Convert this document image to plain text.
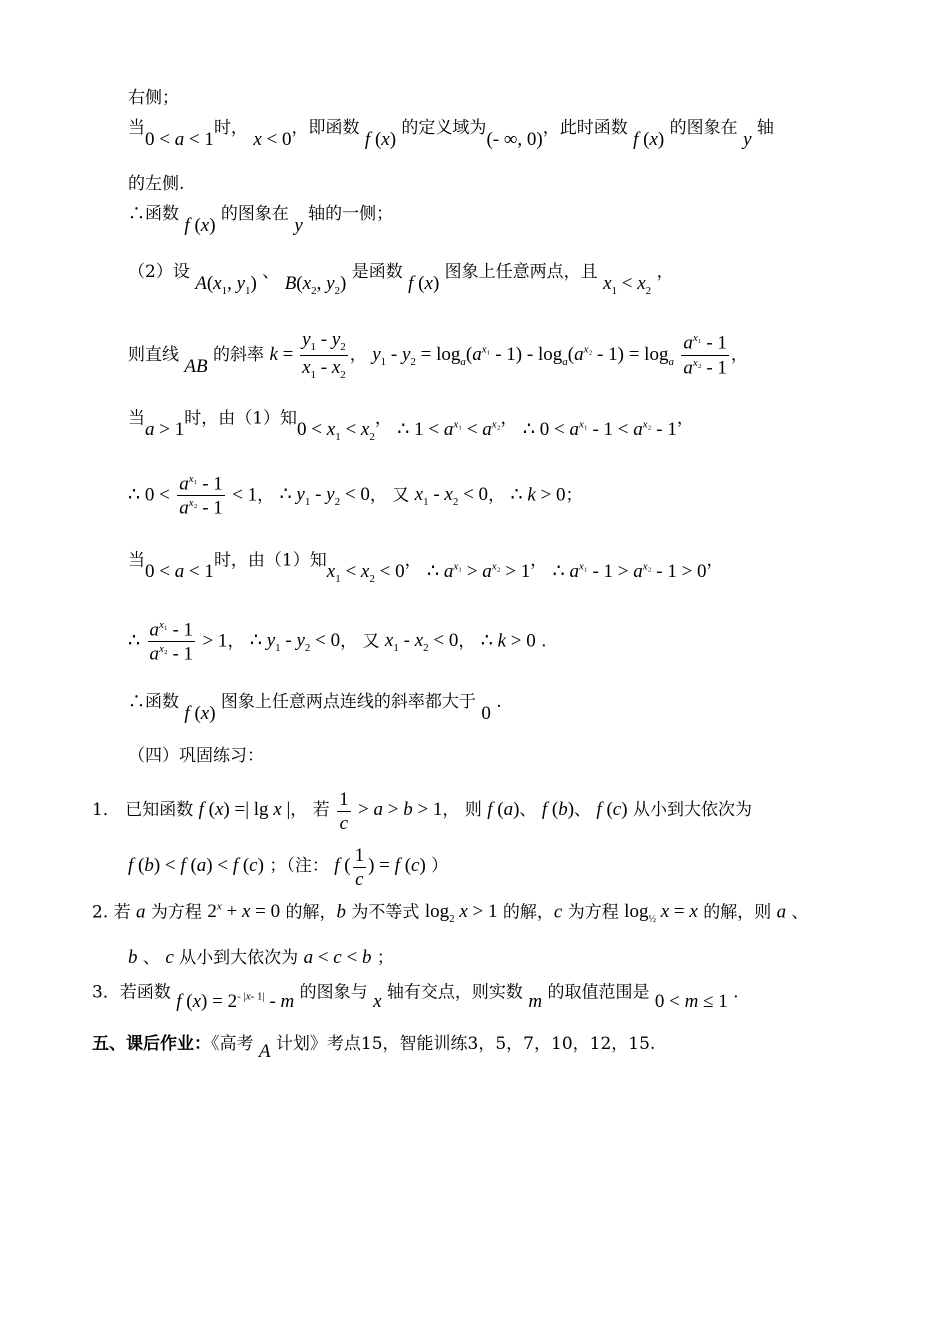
右侧；
当0 < a < 1时， x < 0，即函数 f (x) 的定义域为(- ∞, 0)，此时函数 f (x) 的图象在 y 轴
的左侧.
∴函数 f (x) 的图象在 y 轴的一侧；
（2）设 $A(x_1$, $y_1$) 、 $B(x_2$, $y_2$) 是函数 f (x) 图象上任意两点，且 $x_1 < x_2$ ，
则直线 AB 的斜率 $k = \frac{y_1 - y_2}{x_1 - x_2}$ ， $y_1 - y_2 = \log_a(a^{x_1} - 1) - \log_a(a^{x_2} - 1) = \log_a \frac{a^{x_1} - 1}{a^{x_2} - 1}$ ，
当a > 1时，由（1）知$0 < x_1 < x_2$， ∴ $1 < a^{x_1} < a^{x_2}$， ∴ $0 < a^{x_1} - 1 < a^{x_2} - 1$，
∴ $0 < \frac{a^{x_1} - 1}{a^{x_2} - 1} < 1$， ∴ $y_1 - y_2 < 0$， 又 $x_1 - x_2 < 0$， ∴ k > 0；
当0 < a < 1时，由（1）知$x_1 < x_2 < 0$， ∴ $a^{x_1} > a^{x_2} > 1$， ∴ $a^{x_1} - 1 > a^{x_2} - 1 > 0$，
∴ $\frac{a^{x_1} - 1}{a^{x_2} - 1} > 1$， ∴ $y_1 - y_2 < 0$， 又 $x_1 - x_2 < 0$， ∴ k > 0 .
∴函数 f (x) 图象上任意两点连线的斜率都大于 0 .
（四）巩固练习：
1． 已知函数 f (x) =| lg x |， 若 $\frac{1}{c} > a > b > 1$， 则 f (a)、 f (b)、 f (c) 从小到大依次为
f (b) < f (a) < f (c) ；（注： f ( $\frac{1}{c}$ ) = f (c) ）
2. 若 a 为方程 $2^x + x = 0$ 的解，b 为不等式 $\log_2 x > 1$ 的解，c 为方程 $\log_{\frac{1}{2}} x = x$ 的解，则 a 、
b 、 c 从小到大依次为 a < c < b ；
3．若函数 f $(x) = 2^{- |x- 1|} - m$ 的图象与 x 轴有交点，则实数 m 的取值范围是 0 < m ≤ 1 .
五、课后作业：《高考 A 计划》考点15，智能训练3，5，7，10，12，15.
